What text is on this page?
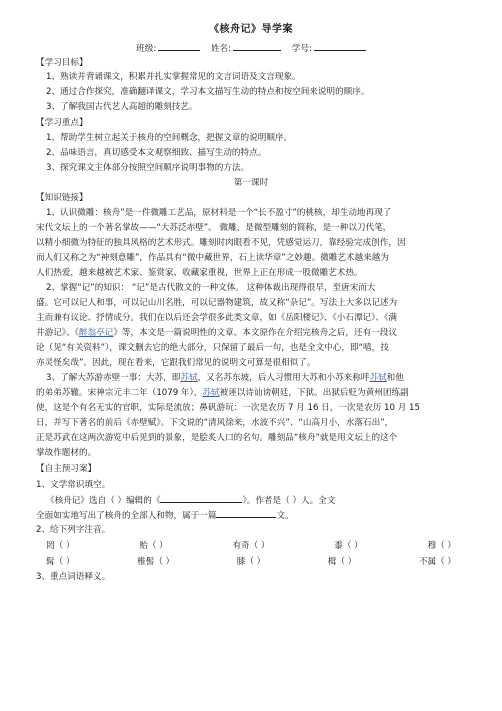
《核舟记》导学案
班级:	姓名:	学号:
【学习目标】
1、熟读并背诵课文，积累并扎实掌握常见的文言词语及文言现象。
2、通过合作探究，准确翻译课文，学习本文描写生动的特点和按空间来说明的顺序。
3、了解我国古代艺人高超的雕刻技艺。
【学习重点】
1、帮助学生树立起关于核舟的空间概念，把握文章的说明顺序。
2、品味语言，真切感受本文观察细致、描写生动的特点。
3、探究课文主体部分按照空间顺序说明事物的方法。
第一课时
【知识链接】
1、认识微雕：核舟”是一件微雕工艺品，原材料是一个“长不盈寸”的桃核，却生动地再现了
宋代文坛上的一个著名掌故——“大苏泛赤壁”。 微雕，是微型雕刻的简称，是一种以刀代笔，
以精小细微为特征的独具风格的艺术形式。雕刻时肉眼看不见，凭感觉运刀，靠经验完成创作，因
而人们又称之为“神刻意雕”，作品具有“微中藏世界，石上读华章”之妙趣。微雕艺术越来越为
人们热爱，越来越被艺术家、鉴赏家、收藏家重视，世界上正在形成一股微雕艺术热。
2、掌握“记”的知识： “记”是古代散文的一种文体。 这种体裁出现得很早，至唐宋而大
盛。它可以记人和事，可以记山川名胜，可以记器物建筑，故又称“杂记”。写法上大多以记述为
主而兼有议论、抒情成分。我们在以后还会学很多此类文章，如《岳阳楼记》、《小石潭记》、《满
井游记》、《醉翁亭记》等，本文是一篇说明性的文章。本文原作在介绍完核舟之后，还有一段议
论（见“有关资料”），课文删去它的绝大部分，只保留了最后一句，也是全文中心，即“嘻，技
亦灵怪矣哉”。因此，现在看来，它跟我们常见的说明文可算是很相似了。
3、了解大苏游赤壁一事：大苏，即苏轼，又名苏东坡，后人习惯用大苏和小苏来称呼苏轼和他
的弟弟苏辙。宋神宗元丰二年（1079 年），苏轼被诬以诗讪谤朝廷，下狱。出狱后贬为黄州团练副
使，这是个有名无实的官职，实际是流放；鼻矾游玩：一次是农历 7 月 16 日，一次是农历 10 月 15
日，并写下著名的前后《赤壁赋》。下文说的“清风徐来，水波不兴”、“山高月小，水落石出”，
正是苏武在这两次游览中后见到的景象，是脍炙人口的名句。雕刻品“核舟”就是用文坛上的这个
掌故作题材的。
【自主预习案】
1、文学常识填空。
《核舟记》选自（ ）编辑的《	》。作者是（ ）人。全文
全面如实地写出了核舟的全部人和物，属于一篇	文。
2、给下列字注音。
罔（ ）	贻（ ）	有奇（ ）	黍（ ）	穆（ ）
髯（ ）	椎髻（ ）	膝（ ）	楫（ ）	不属（ ）
3、重点词语释义。
